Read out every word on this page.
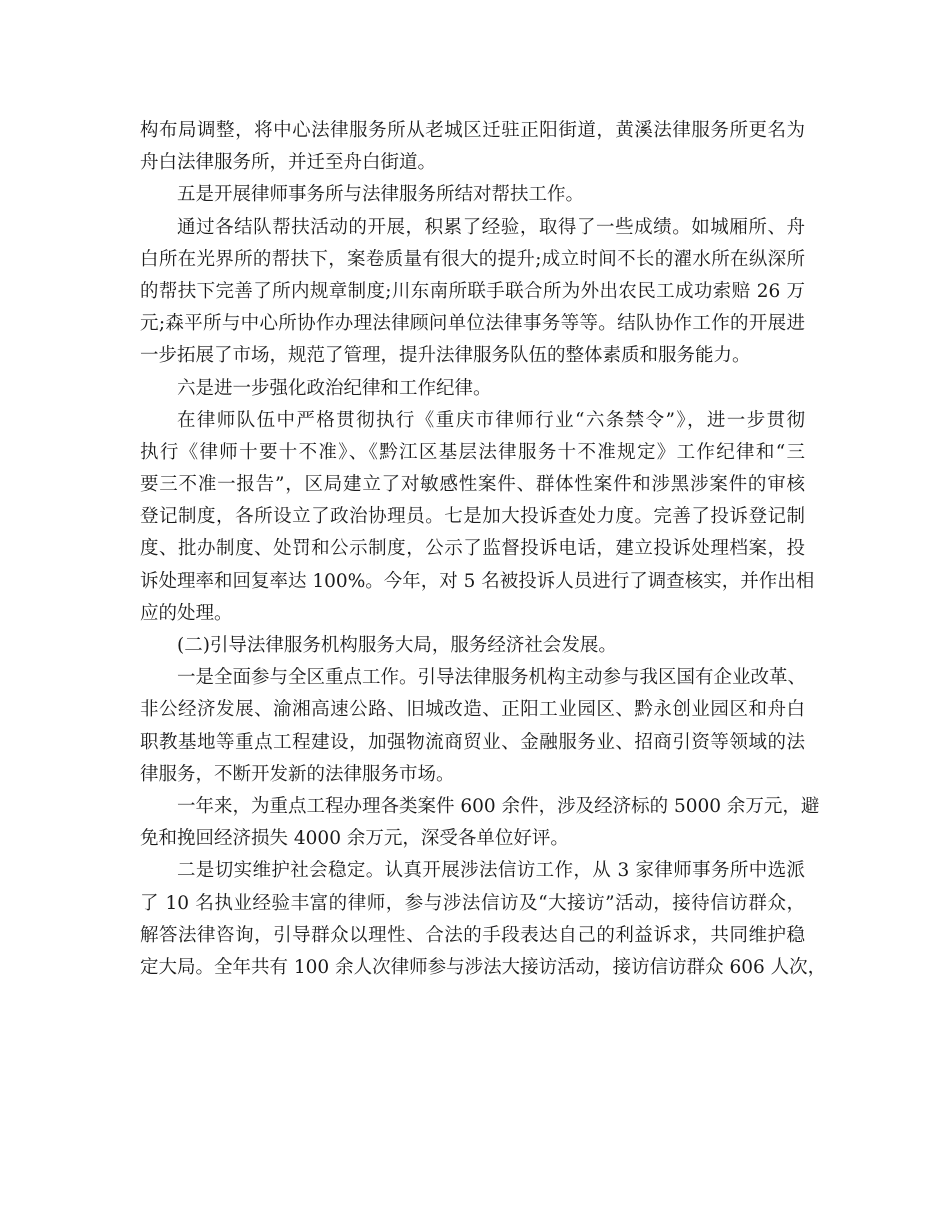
构布局调整，将中心法律服务所从老城区迁驻正阳街道，黄溪法律服务所更名为
舟白法律服务所，并迁至舟白街道。
五是开展律师事务所与法律服务所结对帮扶工作。
通过各结队帮扶活动的开展，积累了经验，取得了一些成绩。如城厢所、舟
白所在光界所的帮扶下，案卷质量有很大的提升;成立时间不长的濯水所在纵深所
的帮扶下完善了所内规章制度;川东南所联手联合所为外出农民工成功索赔 26 万
元;森平所与中心所协作办理法律顾问单位法律事务等等。结队协作工作的开展进
一步拓展了市场，规范了管理，提升法律服务队伍的整体素质和服务能力。
六是进一步强化政治纪律和工作纪律。
在律师队伍中严格贯彻执行《重庆市律师行业“六条禁令”》，进一步贯彻
执行《律师十要十不准》、《黔江区基层法律服务十不准规定》工作纪律和“三
要三不准一报告”，区局建立了对敏感性案件、群体性案件和涉黑涉案件的审核
登记制度，各所设立了政治协理员。七是加大投诉查处力度。完善了投诉登记制
度、批办制度、处罚和公示制度，公示了监督投诉电话，建立投诉处理档案，投
诉处理率和回复率达 100%。今年，对 5 名被投诉人员进行了调查核实，并作出相
应的处理。
(二)引导法律服务机构服务大局，服务经济社会发展。
一是全面参与全区重点工作。引导法律服务机构主动参与我区国有企业改革、
非公经济发展、渝湘高速公路、旧城改造、正阳工业园区、黔永创业园区和舟白
职教基地等重点工程建设，加强物流商贸业、金融服务业、招商引资等领域的法
律服务，不断开发新的法律服务市场。
一年来，为重点工程办理各类案件 600 余件，涉及经济标的 5000 余万元，避
免和挽回经济损失 4000 余万元，深受各单位好评。
二是切实维护社会稳定。认真开展涉法信访工作，从 3 家律师事务所中选派
了 10 名执业经验丰富的律师，参与涉法信访及“大接访”活动，接待信访群众，
解答法律咨询，引导群众以理性、合法的手段表达自己的利益诉求，共同维护稳
定大局。全年共有 100 余人次律师参与涉法大接访活动，接访信访群众 606 人次，
